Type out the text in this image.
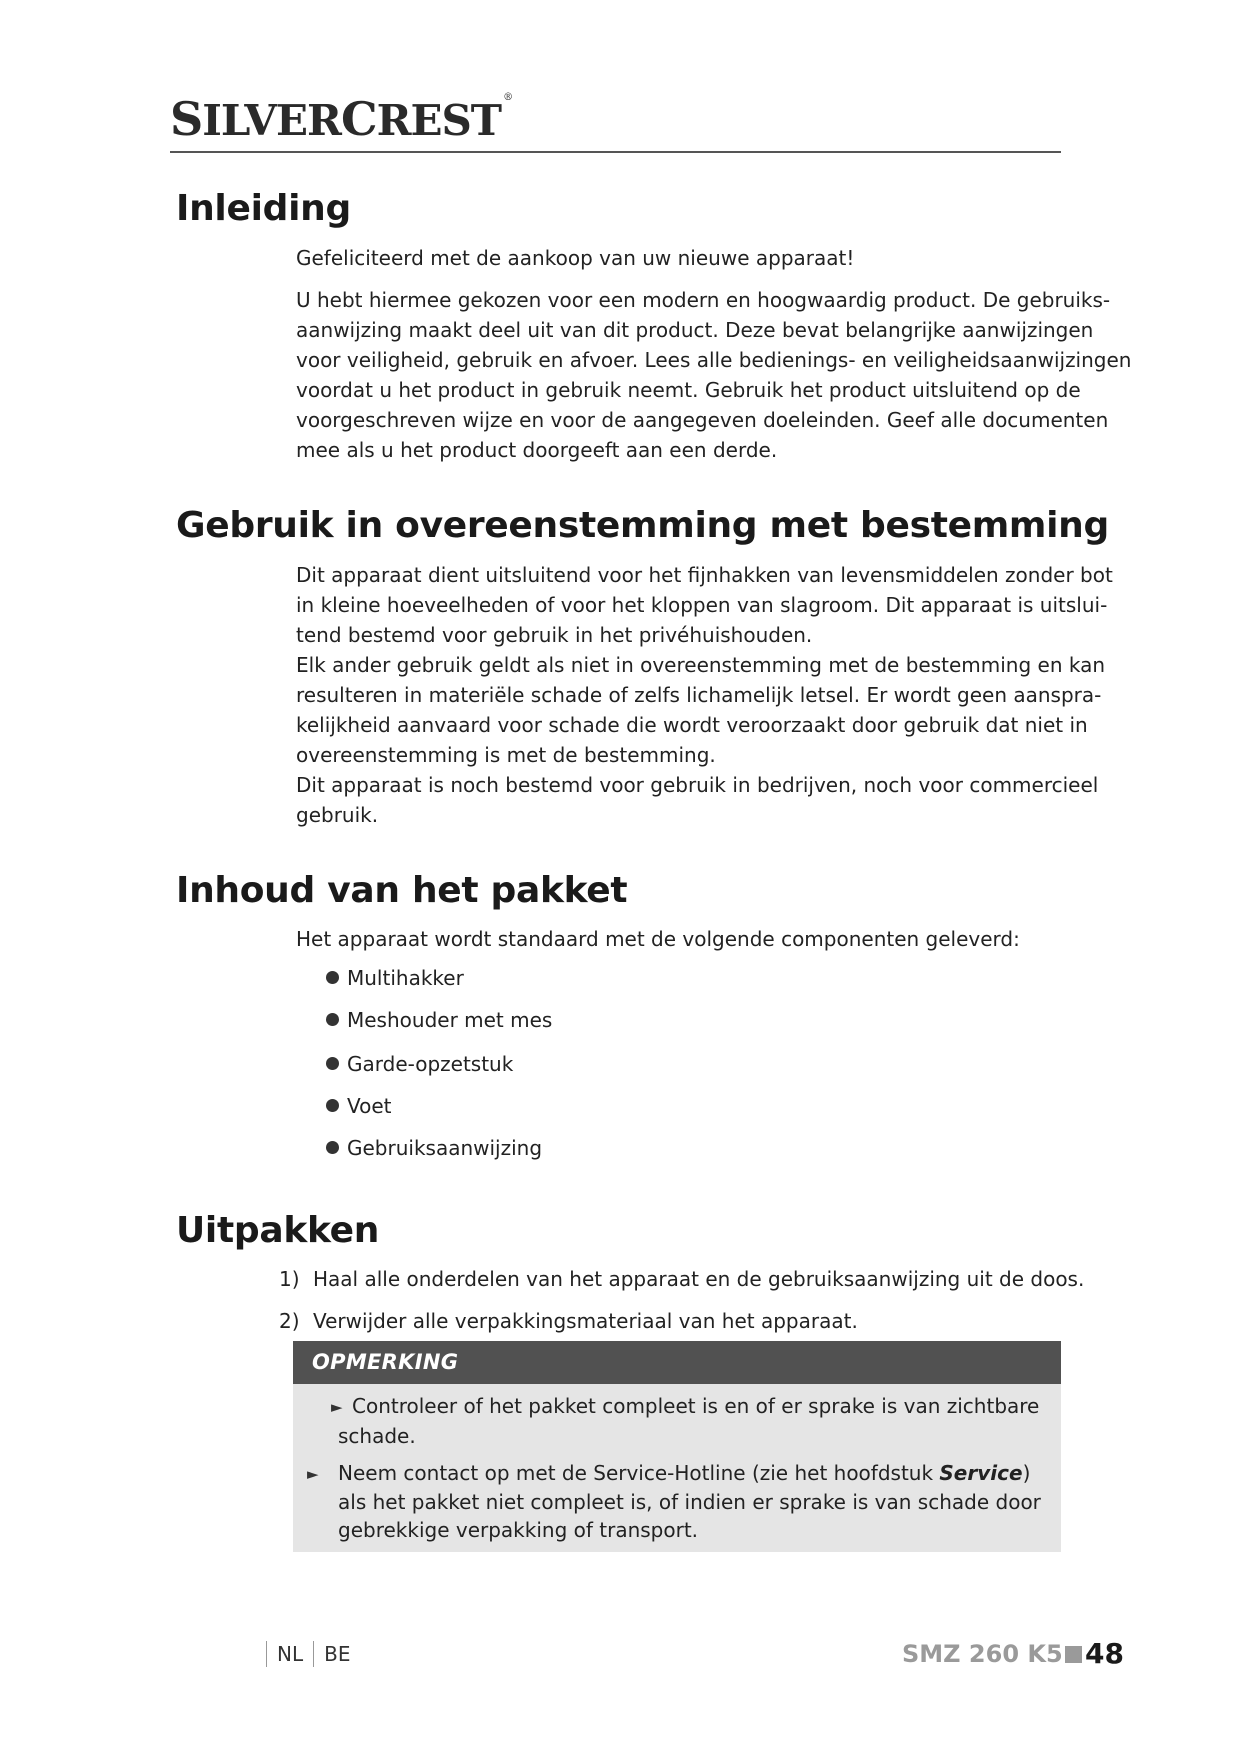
SILVERCREST ®
Inleiding

Gefeliciteerd met de aankoop van uw nieuwe apparaat!

U hebt hiermee gekozen voor een modern en hoogwaardig product. De gebruiks-

aanwijzing maakt deel uit van dit product. Deze bevat belangrijke aanwijzingen

voor veiligheid, gebruik en afvoer. Lees alle bedienings- en veiligheidsaanwijzingen

voordat u het product in gebruik neemt. Gebruik het product uitsluitend op de

voorgeschreven wijze en voor de aangegeven doeleinden. Geef alle documenten

mee als u het product doorgeeft aan een derde.

Gebruik in overeenstemming met bestemming

Dit apparaat dient uitsluitend voor het fijnhakken van levensmiddelen zonder bot

in kleine hoeveelheden of voor het kloppen van slagroom. Dit apparaat is uitslui-

tend bestemd voor gebruik in het privéhuishouden.

Elk ander gebruik geldt als niet in overeenstemming met de bestemming en kan

resulteren in materiële schade of zelfs lichamelijk letsel. Er wordt geen aanspra-

kelijkheid aanvaard voor schade die wordt veroorzaakt door gebruik dat niet in

overeenstemming is met de bestemming.

Dit apparaat is noch bestemd voor gebruik in bedrijven, noch voor commercieel

gebruik.

Inhoud van het pakket

Het apparaat wordt standaard met de volgende componenten geleverd:

Multihakker
Meshouder met mes
Garde-opzetstuk
Voet
Gebruiksaanwijzing
Uitpakken
1) Haal alle onderdelen van het apparaat en de gebruiksaanwijzing uit de doos.
2) Verwijder alle verpakkingsmateriaal van het apparaat.
OPMERKING
► Controleer of het pakket compleet is en of er sprake is van zichtbare
schade.
► Neem contact op met de Service-Hotline (zie het hoofdstuk Service)
als het pakket niet compleet is, of indien er sprake is van schade door
gebrekkige verpakking of transport.
NL BE	SMZ 260 K5 48
